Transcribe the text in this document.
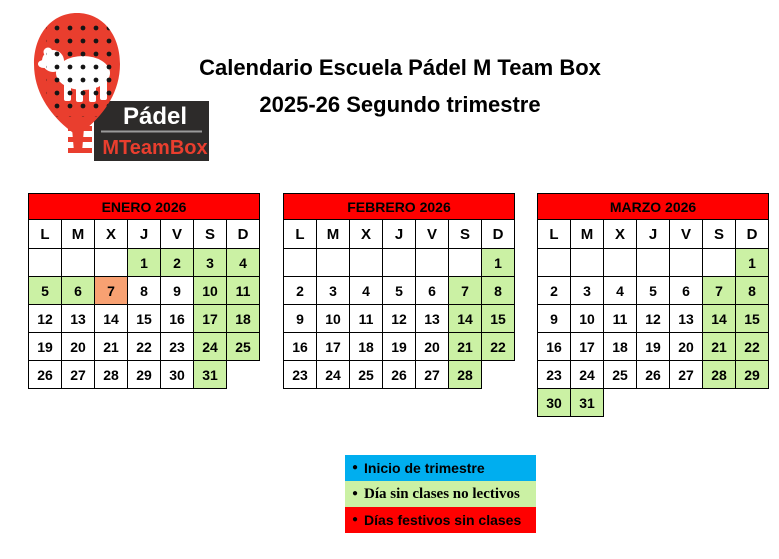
Pádel
MTeamBox
Calendario Escuela Pádel M Team Box
2025-26 Segundo trimestre
ENERO 2026						
L	M	X	J	V	S	D
			1	2	3	4
5	6	7	8	9	10	11
12	13	14	15	16	17	18
19	20	21	22	23	24	25
26	27	28	29	30	31	
FEBRERO 2026						
L	M	X	J	V	S	D
						1
2	3	4	5	6	7	8
9	10	11	12	13	14	15
16	17	18	19	20	21	22
23	24	25	26	27	28	
MARZO 2026						
L	M	X	J	V	S	D
						1
2	3	4	5	6	7	8
9	10	11	12	13	14	15
16	17	18	19	20	21	22
23	24	25	26	27	28	29
30	31					
● Inicio de trimestre
● Día sin clases no lectivos
● Días festivos sin clases
